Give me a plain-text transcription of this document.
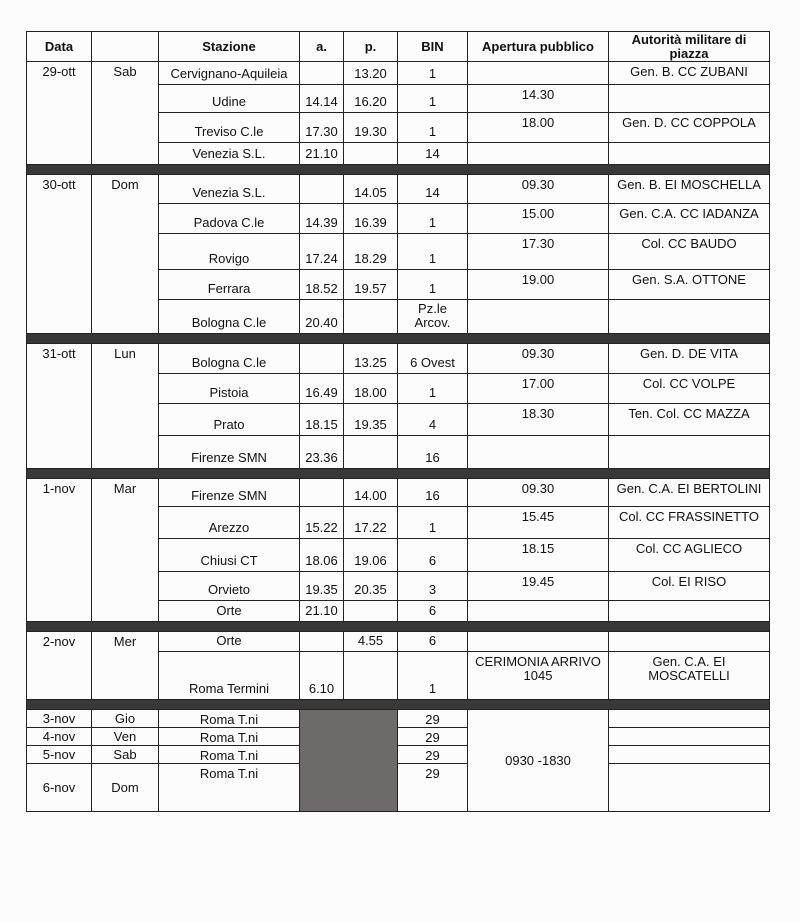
Data		Stazione	a.	p.	BIN	Apertura pubblico	Autorità militare di piazza
29-ott	Sab	Cervignano-Aquileia		13.20	1		Gen. B. CC ZUBANI
		Udine	14.14	16.20	1	14.30	
		Treviso C.le	17.30	19.30	1	18.00	Gen. D. CC COPPOLA
		Venezia S.L.	21.10		14		

30-ott	Dom	Venezia S.L.		14.05	14	09.30	Gen. B. EI MOSCHELLA
		Padova C.le	14.39	16.39	1	15.00	Gen. C.A. CC IADANZA
		Rovigo	17.24	18.29	1	17.30	Col. CC BAUDO
		Ferrara	18.52	19.57	1	19.00	Gen. S.A. OTTONE
		Bologna C.le	20.40		Pz.le Arcov.		

31-ott	Lun	Bologna C.le		13.25	6 Ovest	09.30	Gen. D. DE VITA
		Pistoia	16.49	18.00	1	17.00	Col. CC VOLPE
		Prato	18.15	19.35	4	18.30	Ten. Col. CC MAZZA
		Firenze SMN	23.36		16		

1-nov	Mar	Firenze SMN		14.00	16	09.30	Gen. C.A. EI BERTOLINI
		Arezzo	15.22	17.22	1	15.45	Col. CC FRASSINETTO
		Chiusi CT	18.06	19.06	6	18.15	Col. CC AGLIECO
		Orvieto	19.35	20.35	3	19.45	Col. EI RISO
		Orte	21.10		6		

2-nov	Mer	Orte		4.55	6		
		Roma Termini	6.10		1	CERIMONIA ARRIVO 1045	Gen. C.A. EI MOSCATELLI

3-nov	Gio	Roma T.ni			29	0930 -1830	
4-nov	Ven	Roma T.ni			29		
5-nov	Sab	Roma T.ni			29		
6-nov	Dom	Roma T.ni			29		
